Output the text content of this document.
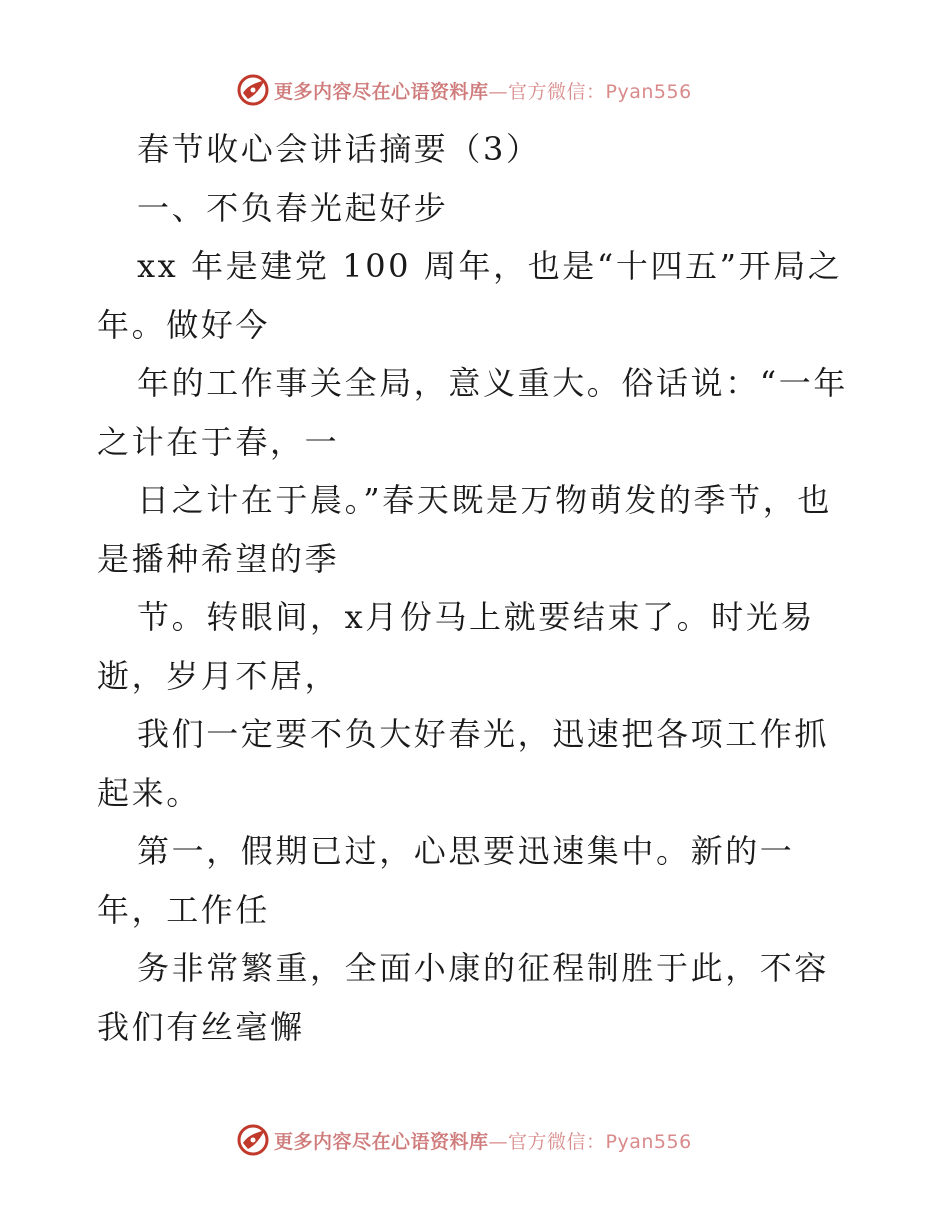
更多内容尽在心语资料库—官方微信：Pyan556

春节收心会讲话摘要（3）

一、不负春光起好步

xx 年是建党 100 周年，也是“十四五”开局之年。做好今

年的工作事关全局，意义重大。俗话说：“一年之计在于春，一

日之计在于晨。”春天既是万物萌发的季节，也是播种希望的季

节。转眼间，x月份马上就要结束了。时光易逝，岁月不居，

我们一定要不负大好春光，迅速把各项工作抓起来。

第一，假期已过，心思要迅速集中。新的一年，工作任

务非常繁重，全面小康的征程制胜于此，不容我们有丝毫懈

更多内容尽在心语资料库—官方微信：Pyan556
